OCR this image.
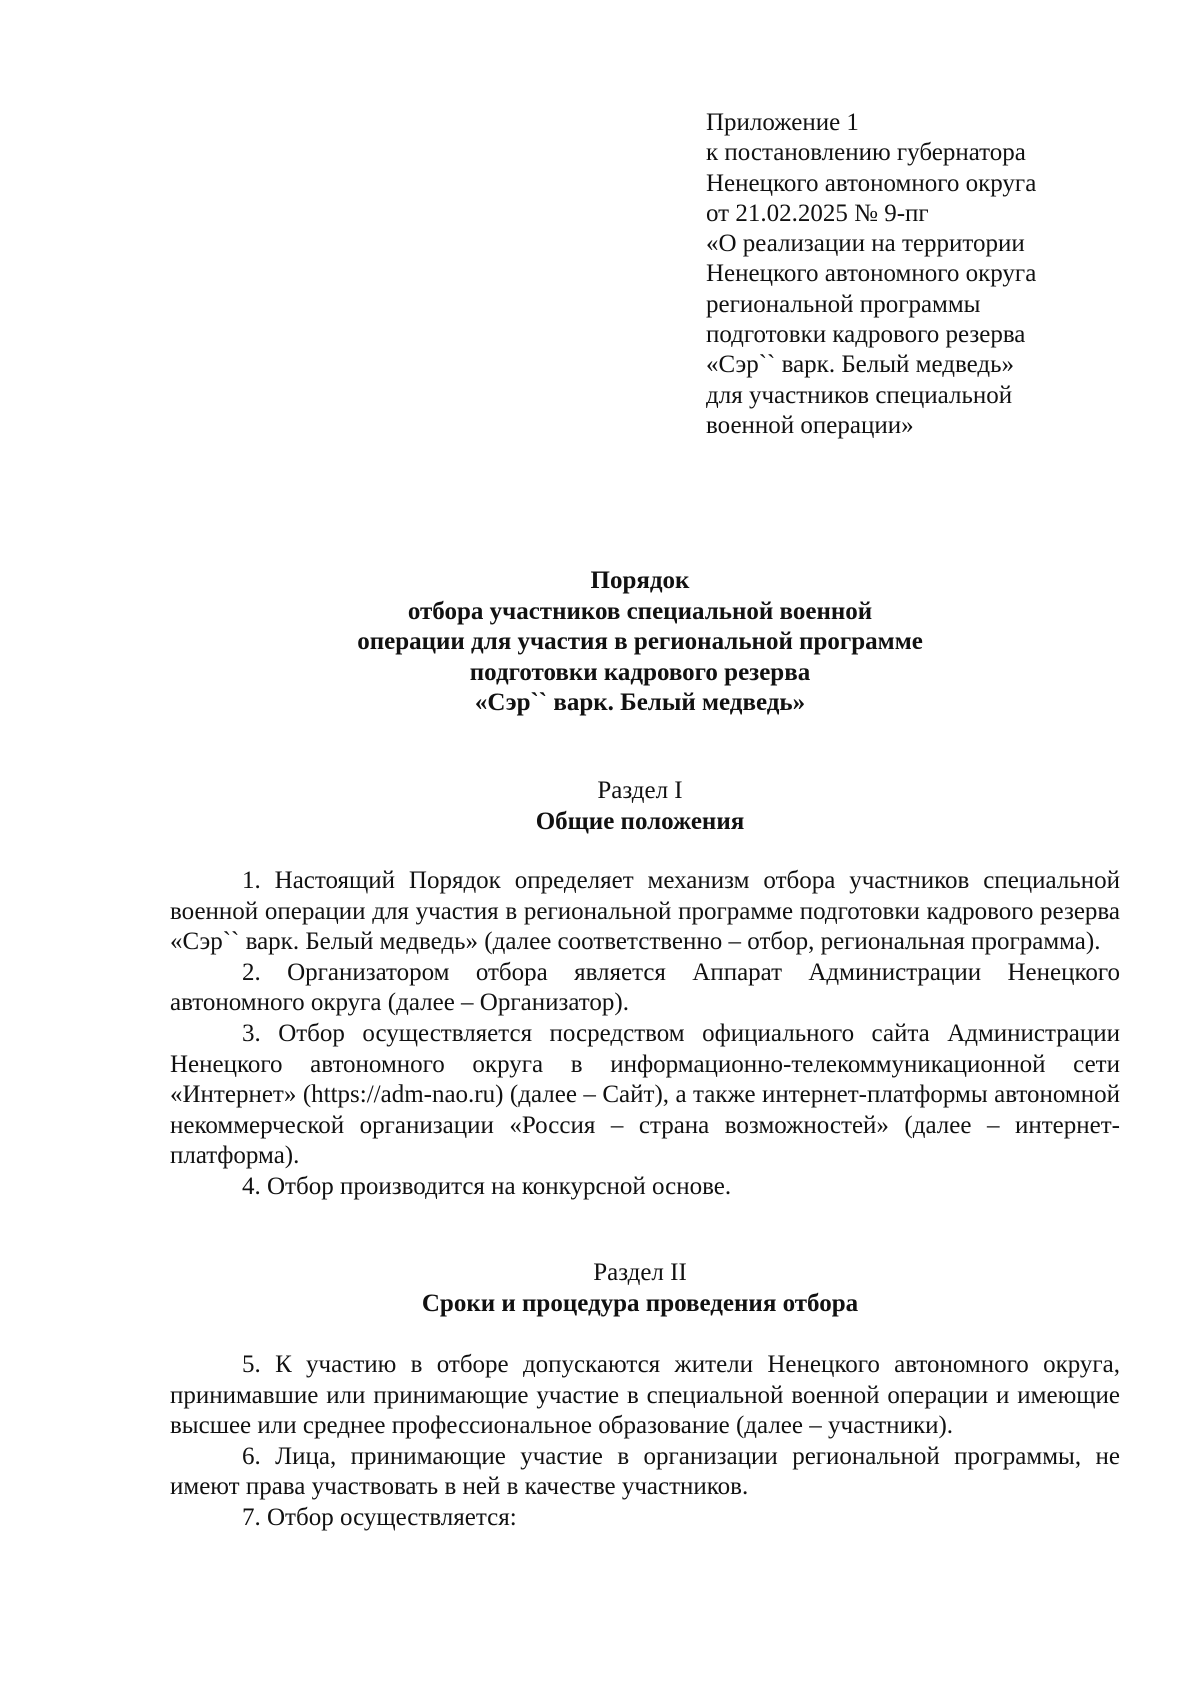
Приложение 1
к постановлению губернатора
Ненецкого автономного округа
от 21.02.2025 № 9-пг
«О реализации на территории
Ненецкого автономного округа
региональной программы
подготовки кадрового резерва
«Сэр`` варк. Белый медведь»
для участников специальной
военной операции»
Порядок
отбора участников специальной военной
операции для участия в региональной программе
подготовки кадрового резерва
«Сэр`` варк. Белый медведь»
Раздел I
Общие положения

1. Настоящий Порядок определяет механизм отбора участников специальной военной операции для участия в региональной программе подготовки кадрового резерва «Сэр`` варк. Белый медведь» (далее соответственно – отбор, региональная программа).

2. Организатором отбора является Аппарат Администрации Ненецкого автономного округа (далее – Организатор).

3. Отбор осуществляется посредством официального сайта Администрации Ненецкого автономного округа в информационно-телекоммуникационной сети «Интернет» (https://adm-nao.ru) (далее – Сайт), а также интернет-платформы автономной некоммерческой организации «Россия – страна возможностей» (далее – интернет-платформа).

4. Отбор производится на конкурсной основе.

Раздел II
Сроки и процедура проведения отбора

5. К участию в отборе допускаются жители Ненецкого автономного округа, принимавшие или принимающие участие в специальной военной операции и имеющие высшее или среднее профессиональное образование (далее – участники).

6. Лица, принимающие участие в организации региональной программы, не имеют права участвовать в ней в качестве участников.

7. Отбор осуществляется:
